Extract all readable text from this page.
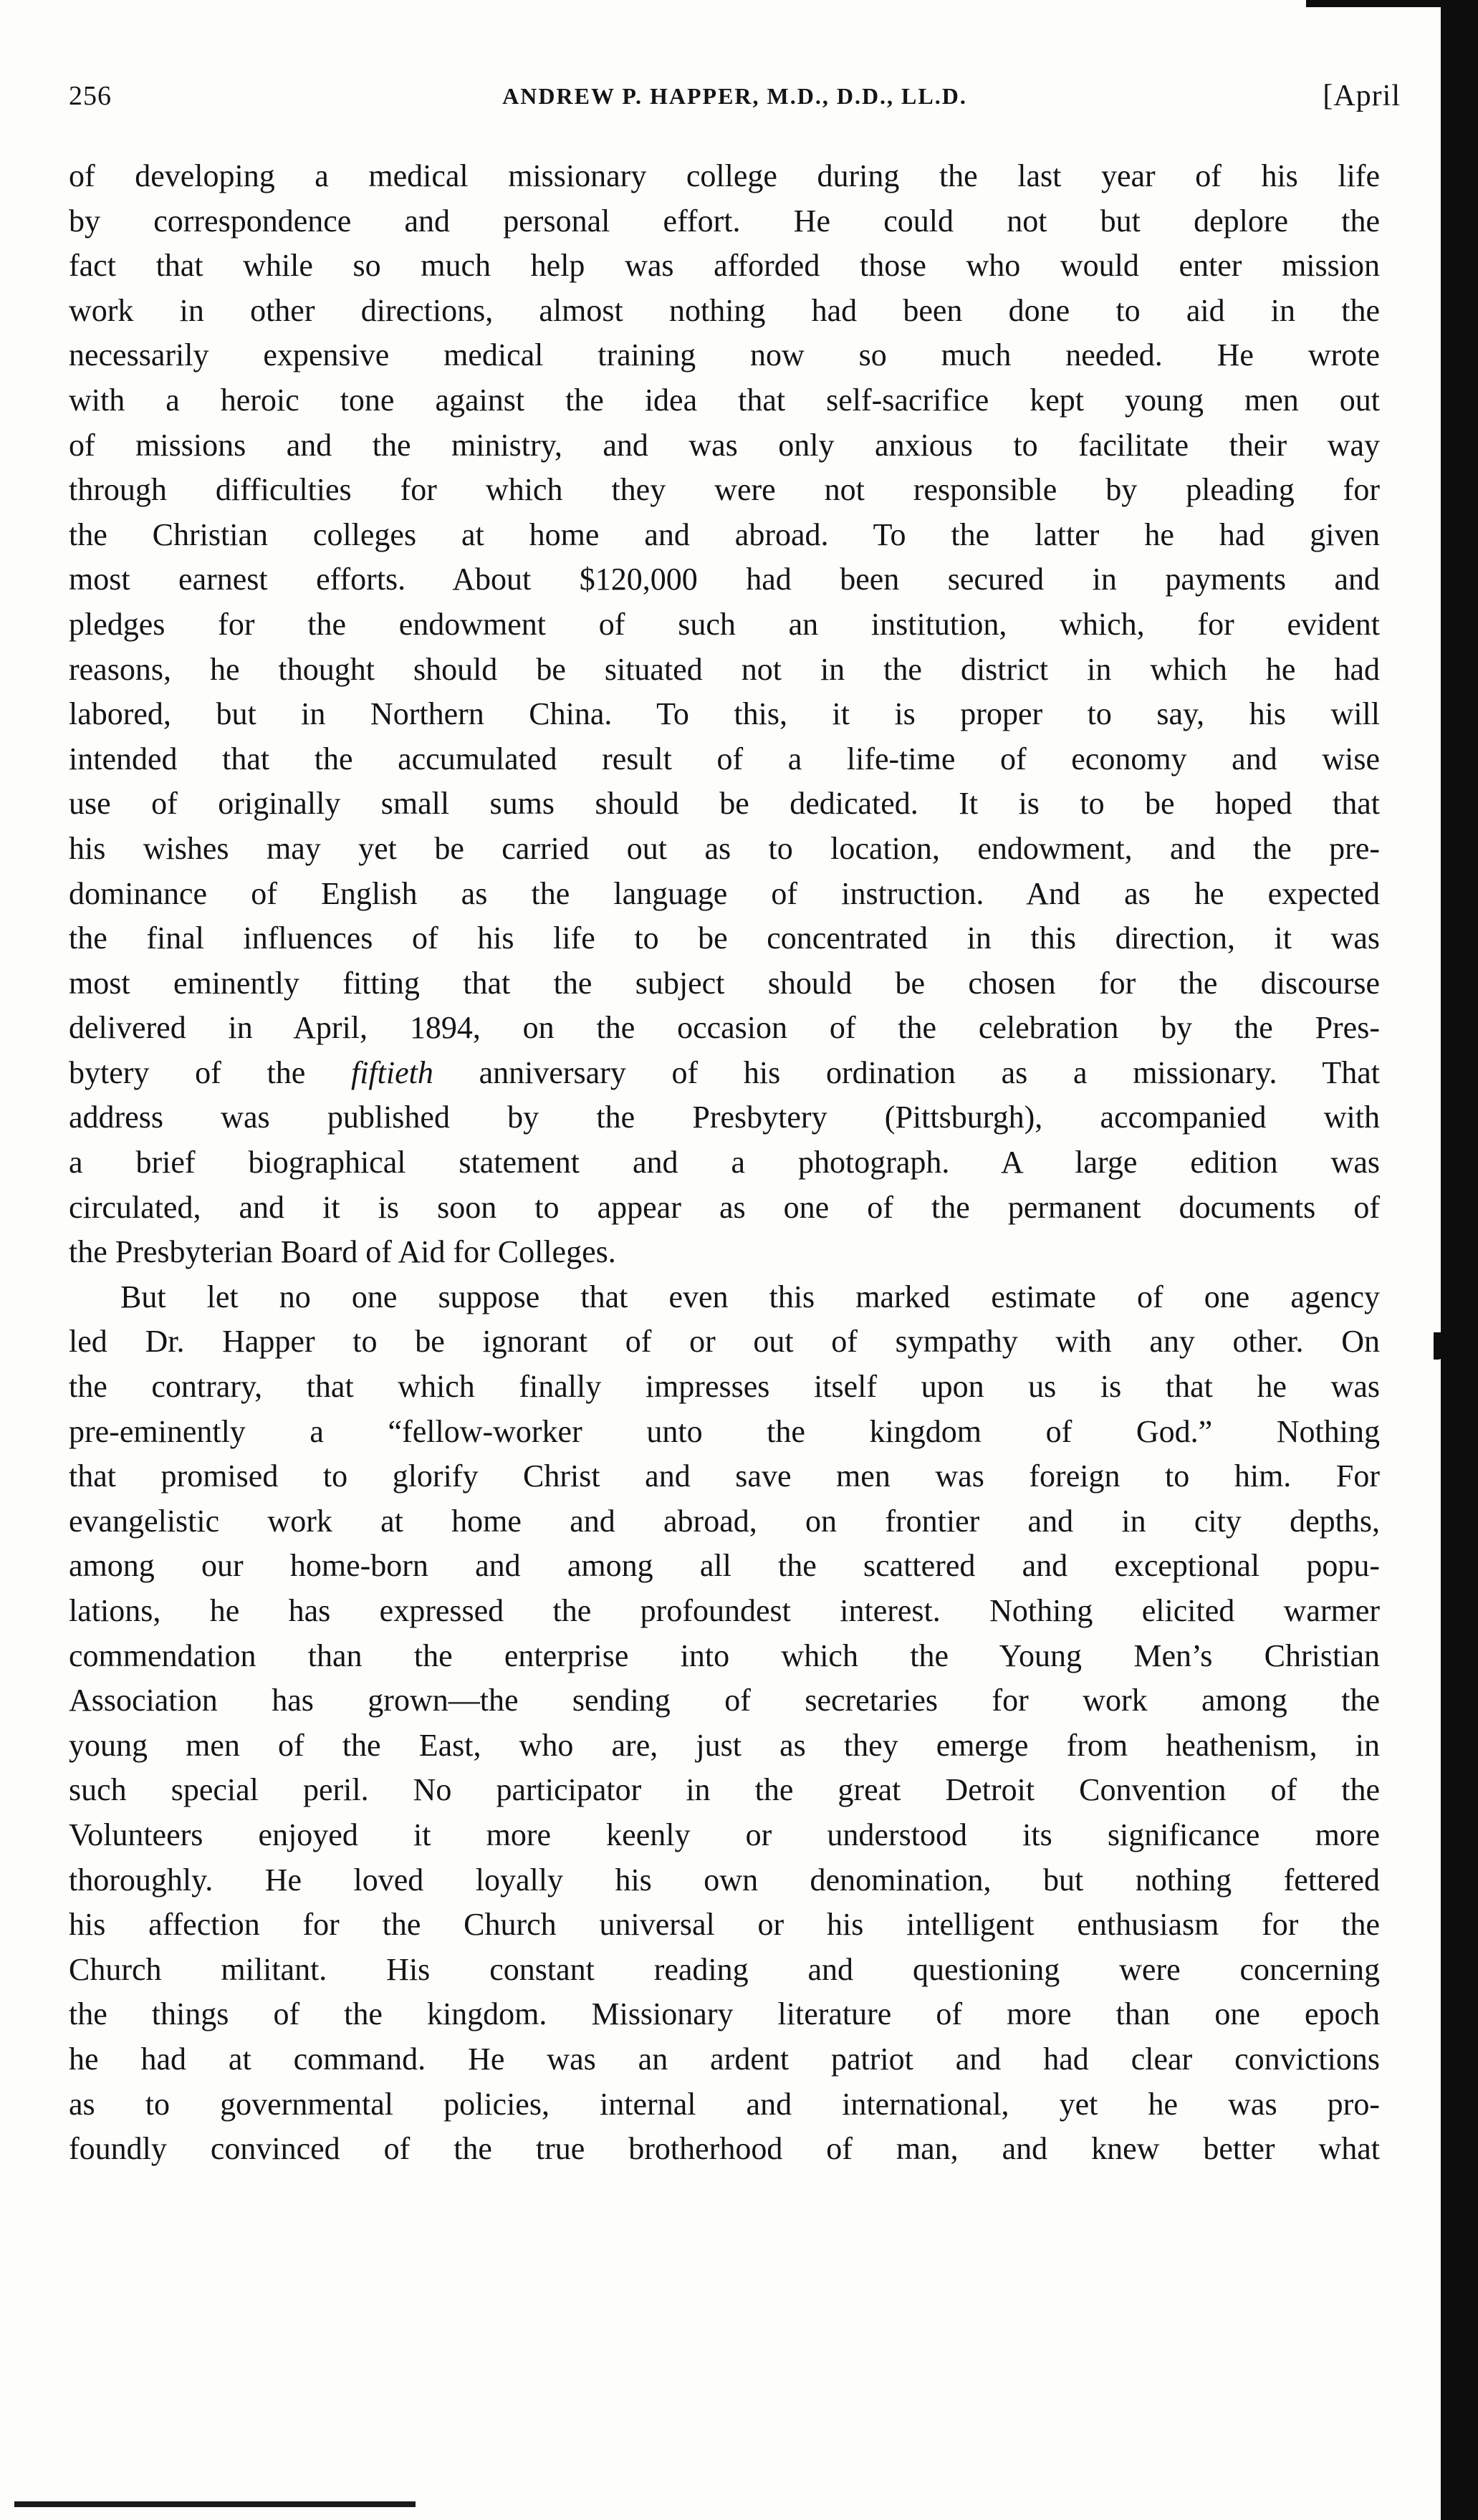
256	ANDREW P. HAPPER, M.D., D.D., LL.D.	[April
of developing a medical missionary college during the last year of his life
by correspondence and personal effort. He could not but deplore the
fact that while so much help was afforded those who would enter mission
work in other directions, almost nothing had been done to aid in the
necessarily expensive medical training now so much needed. He wrote
with a heroic tone against the idea that self-sacrifice kept young men out
of missions and the ministry, and was only anxious to facilitate their way
through difficulties for which they were not responsible by pleading for
the Christian colleges at home and abroad. To the latter he had given
most earnest efforts. About $120,000 had been secured in payments and
pledges for the endowment of such an institution, which, for evident
reasons, he thought should be situated not in the district in which he had
labored, but in Northern China. To this, it is proper to say, his will
intended that the accumulated result of a life-time of economy and wise
use of originally small sums should be dedicated. It is to be hoped that
his wishes may yet be carried out as to location, endowment, and the pre-
dominance of English as the language of instruction. And as he expected
the final influences of his life to be concentrated in this direction, it was
most eminently fitting that the subject should be chosen for the discourse
delivered in April, 1894, on the occasion of the celebration by the Pres-
bytery of the fiftieth anniversary of his ordination as a missionary. That
address was published by the Presbytery (Pittsburgh), accompanied with
a brief biographical statement and a photograph. A large edition was
circulated, and it is soon to appear as one of the permanent documents of
the Presbyterian Board of Aid for Colleges.
But let no one suppose that even this marked estimate of one agency
led Dr. Happer to be ignorant of or out of sympathy with any other. On
the contrary, that which finally impresses itself upon us is that he was
pre-eminently a “fellow-worker unto the kingdom of God.” Nothing
that promised to glorify Christ and save men was foreign to him. For
evangelistic work at home and abroad, on frontier and in city depths,
among our home-born and among all the scattered and exceptional popu-
lations, he has expressed the profoundest interest. Nothing elicited warmer
commendation than the enterprise into which the Young Men’s Christian
Association has grown—the sending of secretaries for work among the
young men of the East, who are, just as they emerge from heathenism, in
such special peril. No participator in the great Detroit Convention of the
Volunteers enjoyed it more keenly or understood its significance more
thoroughly. He loved loyally his own denomination, but nothing fettered
his affection for the Church universal or his intelligent enthusiasm for the
Church militant. His constant reading and questioning were concerning
the things of the kingdom. Missionary literature of more than one epoch
he had at command. He was an ardent patriot and had clear convictions
as to governmental policies, internal and international, yet he was pro-
foundly convinced of the true brotherhood of man, and knew better what
